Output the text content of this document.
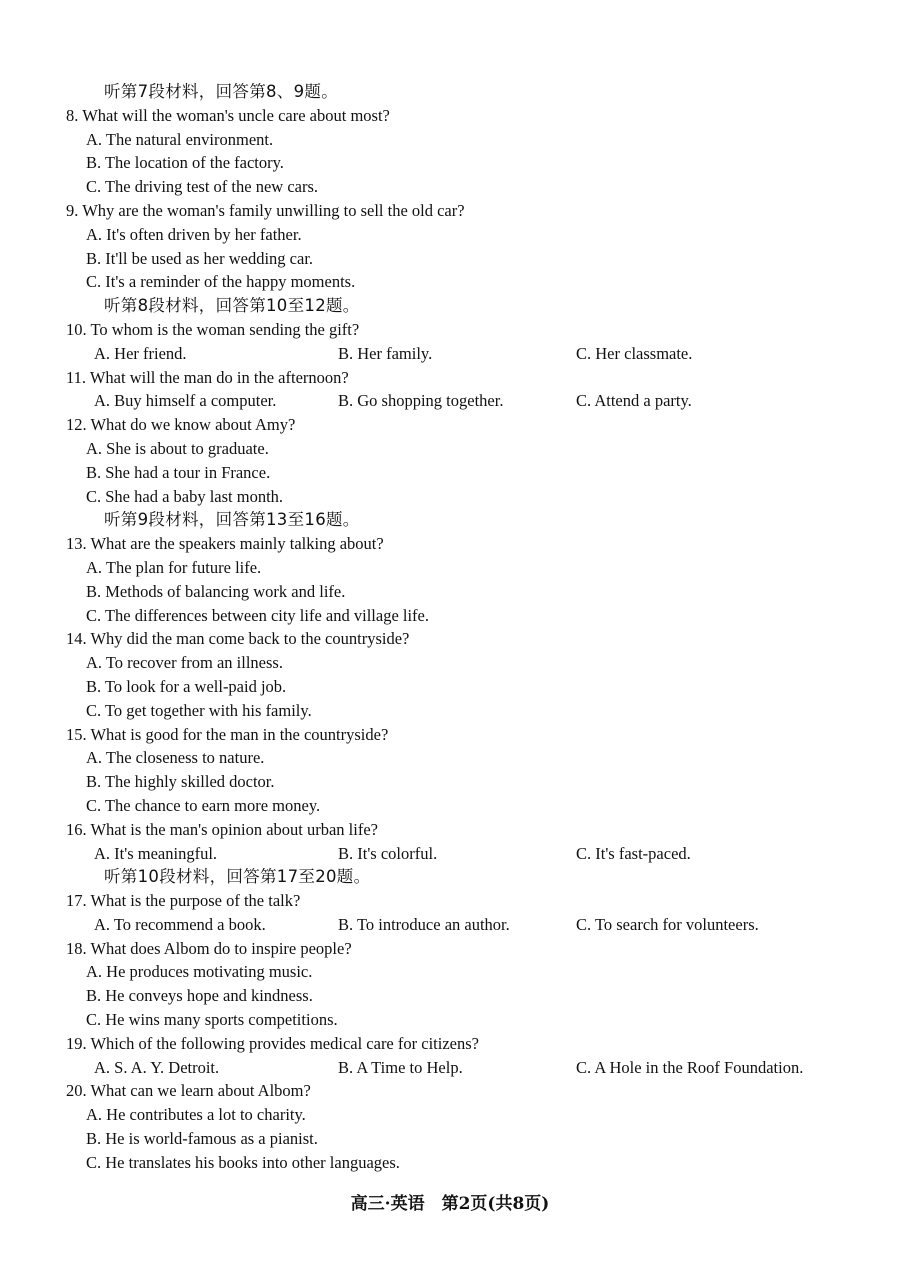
听第7段材料，回答第8、9题。
8. What will the woman's uncle care about most?
A. The natural environment.
B. The location of the factory.
C. The driving test of the new cars.
9. Why are the woman's family unwilling to sell the old car?
A. It's often driven by her father.
B. It'll be used as her wedding car.
C. It's a reminder of the happy moments.
听第8段材料，回答第10至12题。
10. To whom is the woman sending the gift?
A. Her friend.	B. Her family.	C. Her classmate.
11. What will the man do in the afternoon?
A. Buy himself a computer.	B. Go shopping together.	C. Attend a party.
12. What do we know about Amy?
A. She is about to graduate.
B. She had a tour in France.
C. She had a baby last month.
听第9段材料，回答第13至16题。
13. What are the speakers mainly talking about?
A. The plan for future life.
B. Methods of balancing work and life.
C. The differences between city life and village life.
14. Why did the man come back to the countryside?
A. To recover from an illness.
B. To look for a well-paid job.
C. To get together with his family.
15. What is good for the man in the countryside?
A. The closeness to nature.
B. The highly skilled doctor.
C. The chance to earn more money.
16. What is the man's opinion about urban life?
A. It's meaningful.	B. It's colorful.	C. It's fast-paced.
听第10段材料，回答第17至20题。
17. What is the purpose of the talk?
A. To recommend a book.	B. To introduce an author.	C. To search for volunteers.
18. What does Albom do to inspire people?
A. He produces motivating music.
B. He conveys hope and kindness.
C. He wins many sports competitions.
19. Which of the following provides medical care for citizens?
A. S. A. Y. Detroit.	B. A Time to Help.	C. A Hole in the Roof Foundation.
20. What can we learn about Albom?
A. He contributes a lot to charity.
B. He is world-famous as a pianist.
C. He translates his books into other languages.
高三·英语　第2页(共8页)
